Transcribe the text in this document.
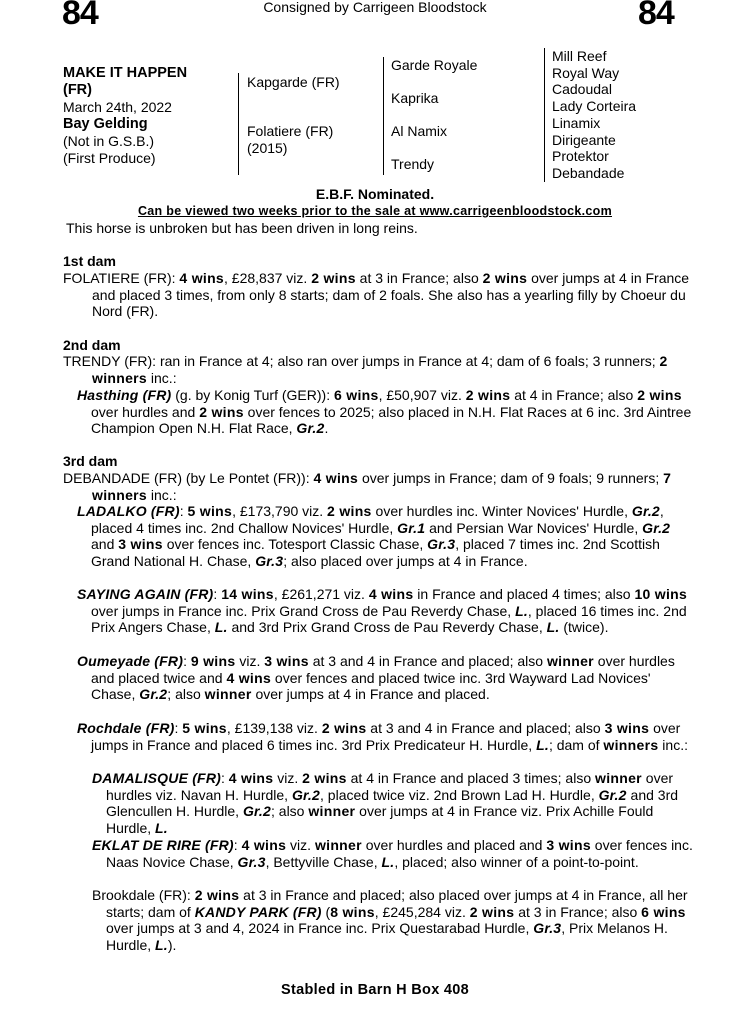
84	Consigned by Carrigeen Bloodstock	84
MAKE IT HAPPEN
(FR)
March 24th, 2022
Bay Gelding
(Not in G.S.B.)
(First Produce)
Kapgarde (FR)
Folatiere (FR)
(2015)
Garde Royale
Kaprika
Al Namix
Trendy
Mill Reef
Royal Way
Cadoudal
Lady Corteira
Linamix
Dirigeante
Protektor
Debandade
E.B.F. Nominated.
Can be viewed two weeks prior to the sale at www.carrigeenbloodstock.com
This horse is unbroken but has been driven in long reins.
1st dam
FOLATIERE (FR): 4 wins, £28,837 viz. 2 wins at 3 in France; also 2 wins over jumps at 4 in France and placed 3 times, from only 8 starts; dam of 2 foals. She also has a yearling filly by Choeur du Nord (FR).
2nd dam
TRENDY (FR): ran in France at 4; also ran over jumps in France at 4; dam of 6 foals; 3 runners; 2 winners inc.:
Hasthing (FR) (g. by Konig Turf (GER)): 6 wins, £50,907 viz. 2 wins at 4 in France; also 2 wins over hurdles and 2 wins over fences to 2025; also placed in N.H. Flat Races at 6 inc. 3rd Aintree Champion Open N.H. Flat Race, Gr.2.
3rd dam
DEBANDADE (FR) (by Le Pontet (FR)): 4 wins over jumps in France; dam of 9 foals; 9 runners; 7 winners inc.:
LADALKO (FR): 5 wins, £173,790 viz. 2 wins over hurdles inc. Winter Novices' Hurdle, Gr.2, placed 4 times inc. 2nd Challow Novices' Hurdle, Gr.1 and Persian War Novices' Hurdle, Gr.2 and 3 wins over fences inc. Totesport Classic Chase, Gr.3, placed 7 times inc. 2nd Scottish Grand National H. Chase, Gr.3; also placed over jumps at 4 in France.
SAYING AGAIN (FR): 14 wins, £261,271 viz. 4 wins in France and placed 4 times; also 10 wins over jumps in France inc. Prix Grand Cross de Pau Reverdy Chase, L., placed 16 times inc. 2nd Prix Angers Chase, L. and 3rd Prix Grand Cross de Pau Reverdy Chase, L. (twice).
Oumeyade (FR): 9 wins viz. 3 wins at 3 and 4 in France and placed; also winner over hurdles and placed twice and 4 wins over fences and placed twice inc. 3rd Wayward Lad Novices' Chase, Gr.2; also winner over jumps at 4 in France and placed.
Rochdale (FR): 5 wins, £139,138 viz. 2 wins at 3 and 4 in France and placed; also 3 wins over jumps in France and placed 6 times inc. 3rd Prix Predicateur H. Hurdle, L.; dam of winners inc.:
DAMALISQUE (FR): 4 wins viz. 2 wins at 4 in France and placed 3 times; also winner over hurdles viz. Navan H. Hurdle, Gr.2, placed twice viz. 2nd Brown Lad H. Hurdle, Gr.2 and 3rd Glencullen H. Hurdle, Gr.2; also winner over jumps at 4 in France viz. Prix Achille Fould Hurdle, L.
EKLAT DE RIRE (FR): 4 wins viz. winner over hurdles and placed and 3 wins over fences inc. Naas Novice Chase, Gr.3, Bettyville Chase, L., placed; also winner of a point-to-point.
Brookdale (FR): 2 wins at 3 in France and placed; also placed over jumps at 4 in France, all her starts; dam of KANDY PARK (FR) (8 wins, £245,284 viz. 2 wins at 3 in France; also 6 wins over jumps at 3 and 4, 2024 in France inc. Prix Questarabad Hurdle, Gr.3, Prix Melanos H. Hurdle, L.).
Stabled in Barn H Box 408
